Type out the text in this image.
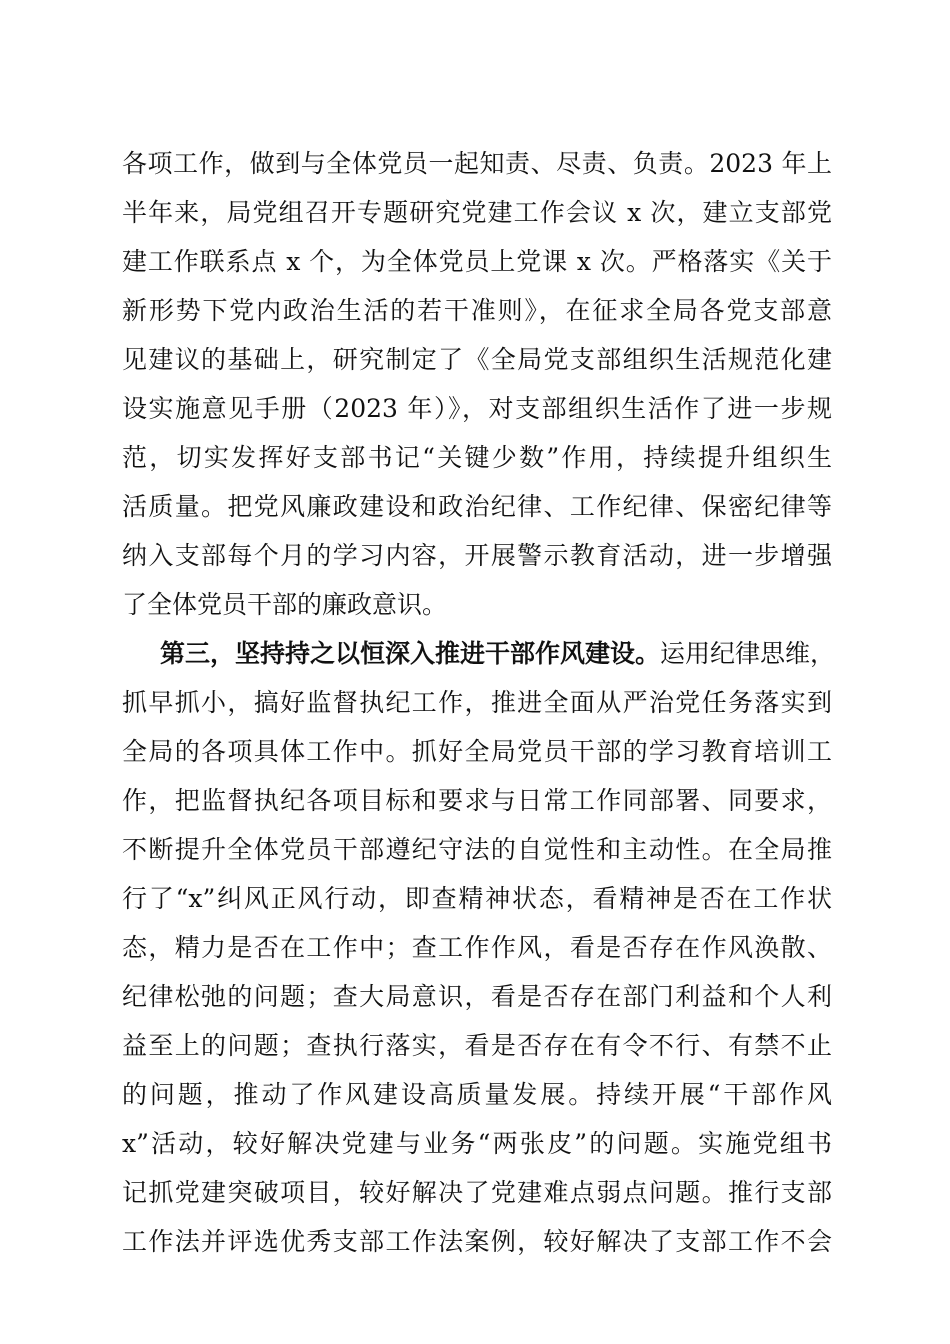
各项工作，做到与全体党员一起知责、尽责、负责。2023 年上
半年来，局党组召开专题研究党建工作会议 x 次，建立支部党
建工作联系点 x 个，为全体党员上党课 x 次。严格落实《关于
新形势下党内政治生活的若干准则》，在征求全局各党支部意
见建议的基础上，研究制定了《全局党支部组织生活规范化建
设实施意见手册（2023 年）》，对支部组织生活作了进一步规
范，切实发挥好支部书记“关键少数”作用，持续提升组织生
活质量。把党风廉政建设和政治纪律、工作纪律、保密纪律等
纳入支部每个月的学习内容，开展警示教育活动，进一步增强
了全体党员干部的廉政意识。
第三，坚持持之以恒深入推进干部作风建设。运用纪律思维，
抓早抓小，搞好监督执纪工作，推进全面从严治党任务落实到
全局的各项具体工作中。抓好全局党员干部的学习教育培训工
作，把监督执纪各项目标和要求与日常工作同部署、同要求，
不断提升全体党员干部遵纪守法的自觉性和主动性。在全局推
行了“x”纠风正风行动，即查精神状态，看精神是否在工作状
态，精力是否在工作中；查工作作风，看是否存在作风涣散、
纪律松弛的问题；查大局意识，看是否存在部门利益和个人利
益至上的问题；查执行落实，看是否存在有令不行、有禁不止
的问题，推动了作风建设高质量发展。持续开展“干部作风
x”活动，较好解决党建与业务“两张皮”的问题。实施党组书
记抓党建突破项目，较好解决了党建难点弱点问题。推行支部
工作法并评选优秀支部工作法案例，较好解决了支部工作不会
